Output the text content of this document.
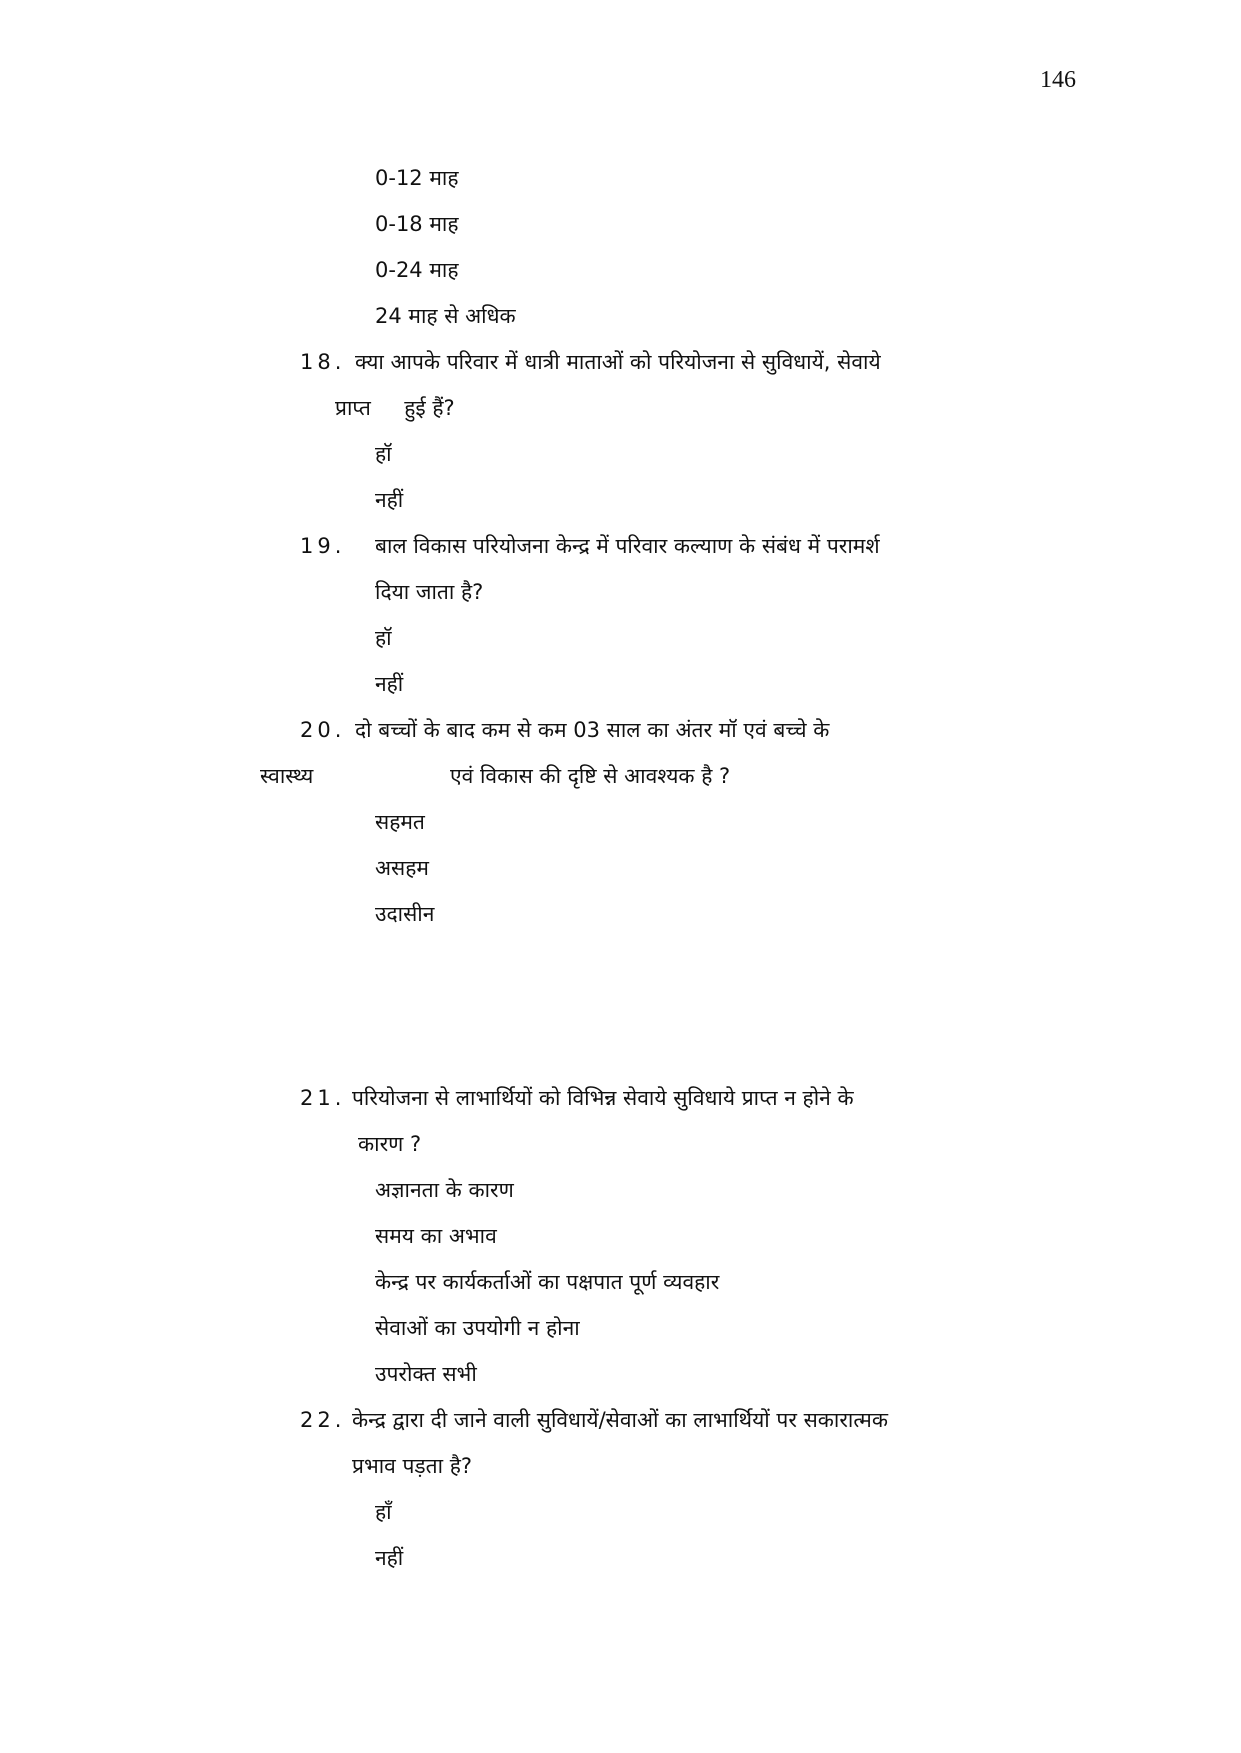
146
0-12 माह
0-18 माह
0-24 माह
24 माह से अधिक
18. क्या आपके परिवार में धात्री माताओं को परियोजना से सुविधायें, सेवाये
प्राप्त     हुई हैं?
हॉ
नहीं
19. बाल विकास परियोजना केन्द्र में परिवार कल्याण के संबंध में परामर्श
दिया जाता है?
हॉ
नहीं
20. दो बच्चों के बाद कम से कम 03 साल का अंतर मॉ एवं बच्चे के
स्वास्थ्य	एवं विकास की दृष्टि से आवश्यक है ?
सहमत
असहम
उदासीन
21. परियोजना से लाभार्थियों को विभिन्न सेवाये सुविधाये प्राप्त न होने के
कारण ?
अज्ञानता के कारण
समय का अभाव
केन्द्र पर कार्यकर्ताओं का पक्षपात पूर्ण व्यवहार
सेवाओं का उपयोगी न होना
उपरोक्त सभी
22. केन्द्र द्वारा दी जाने वाली सुविधायें/सेवाओं का लाभार्थियों पर सकारात्मक
प्रभाव पड़ता है?
हाँ
नहीं
